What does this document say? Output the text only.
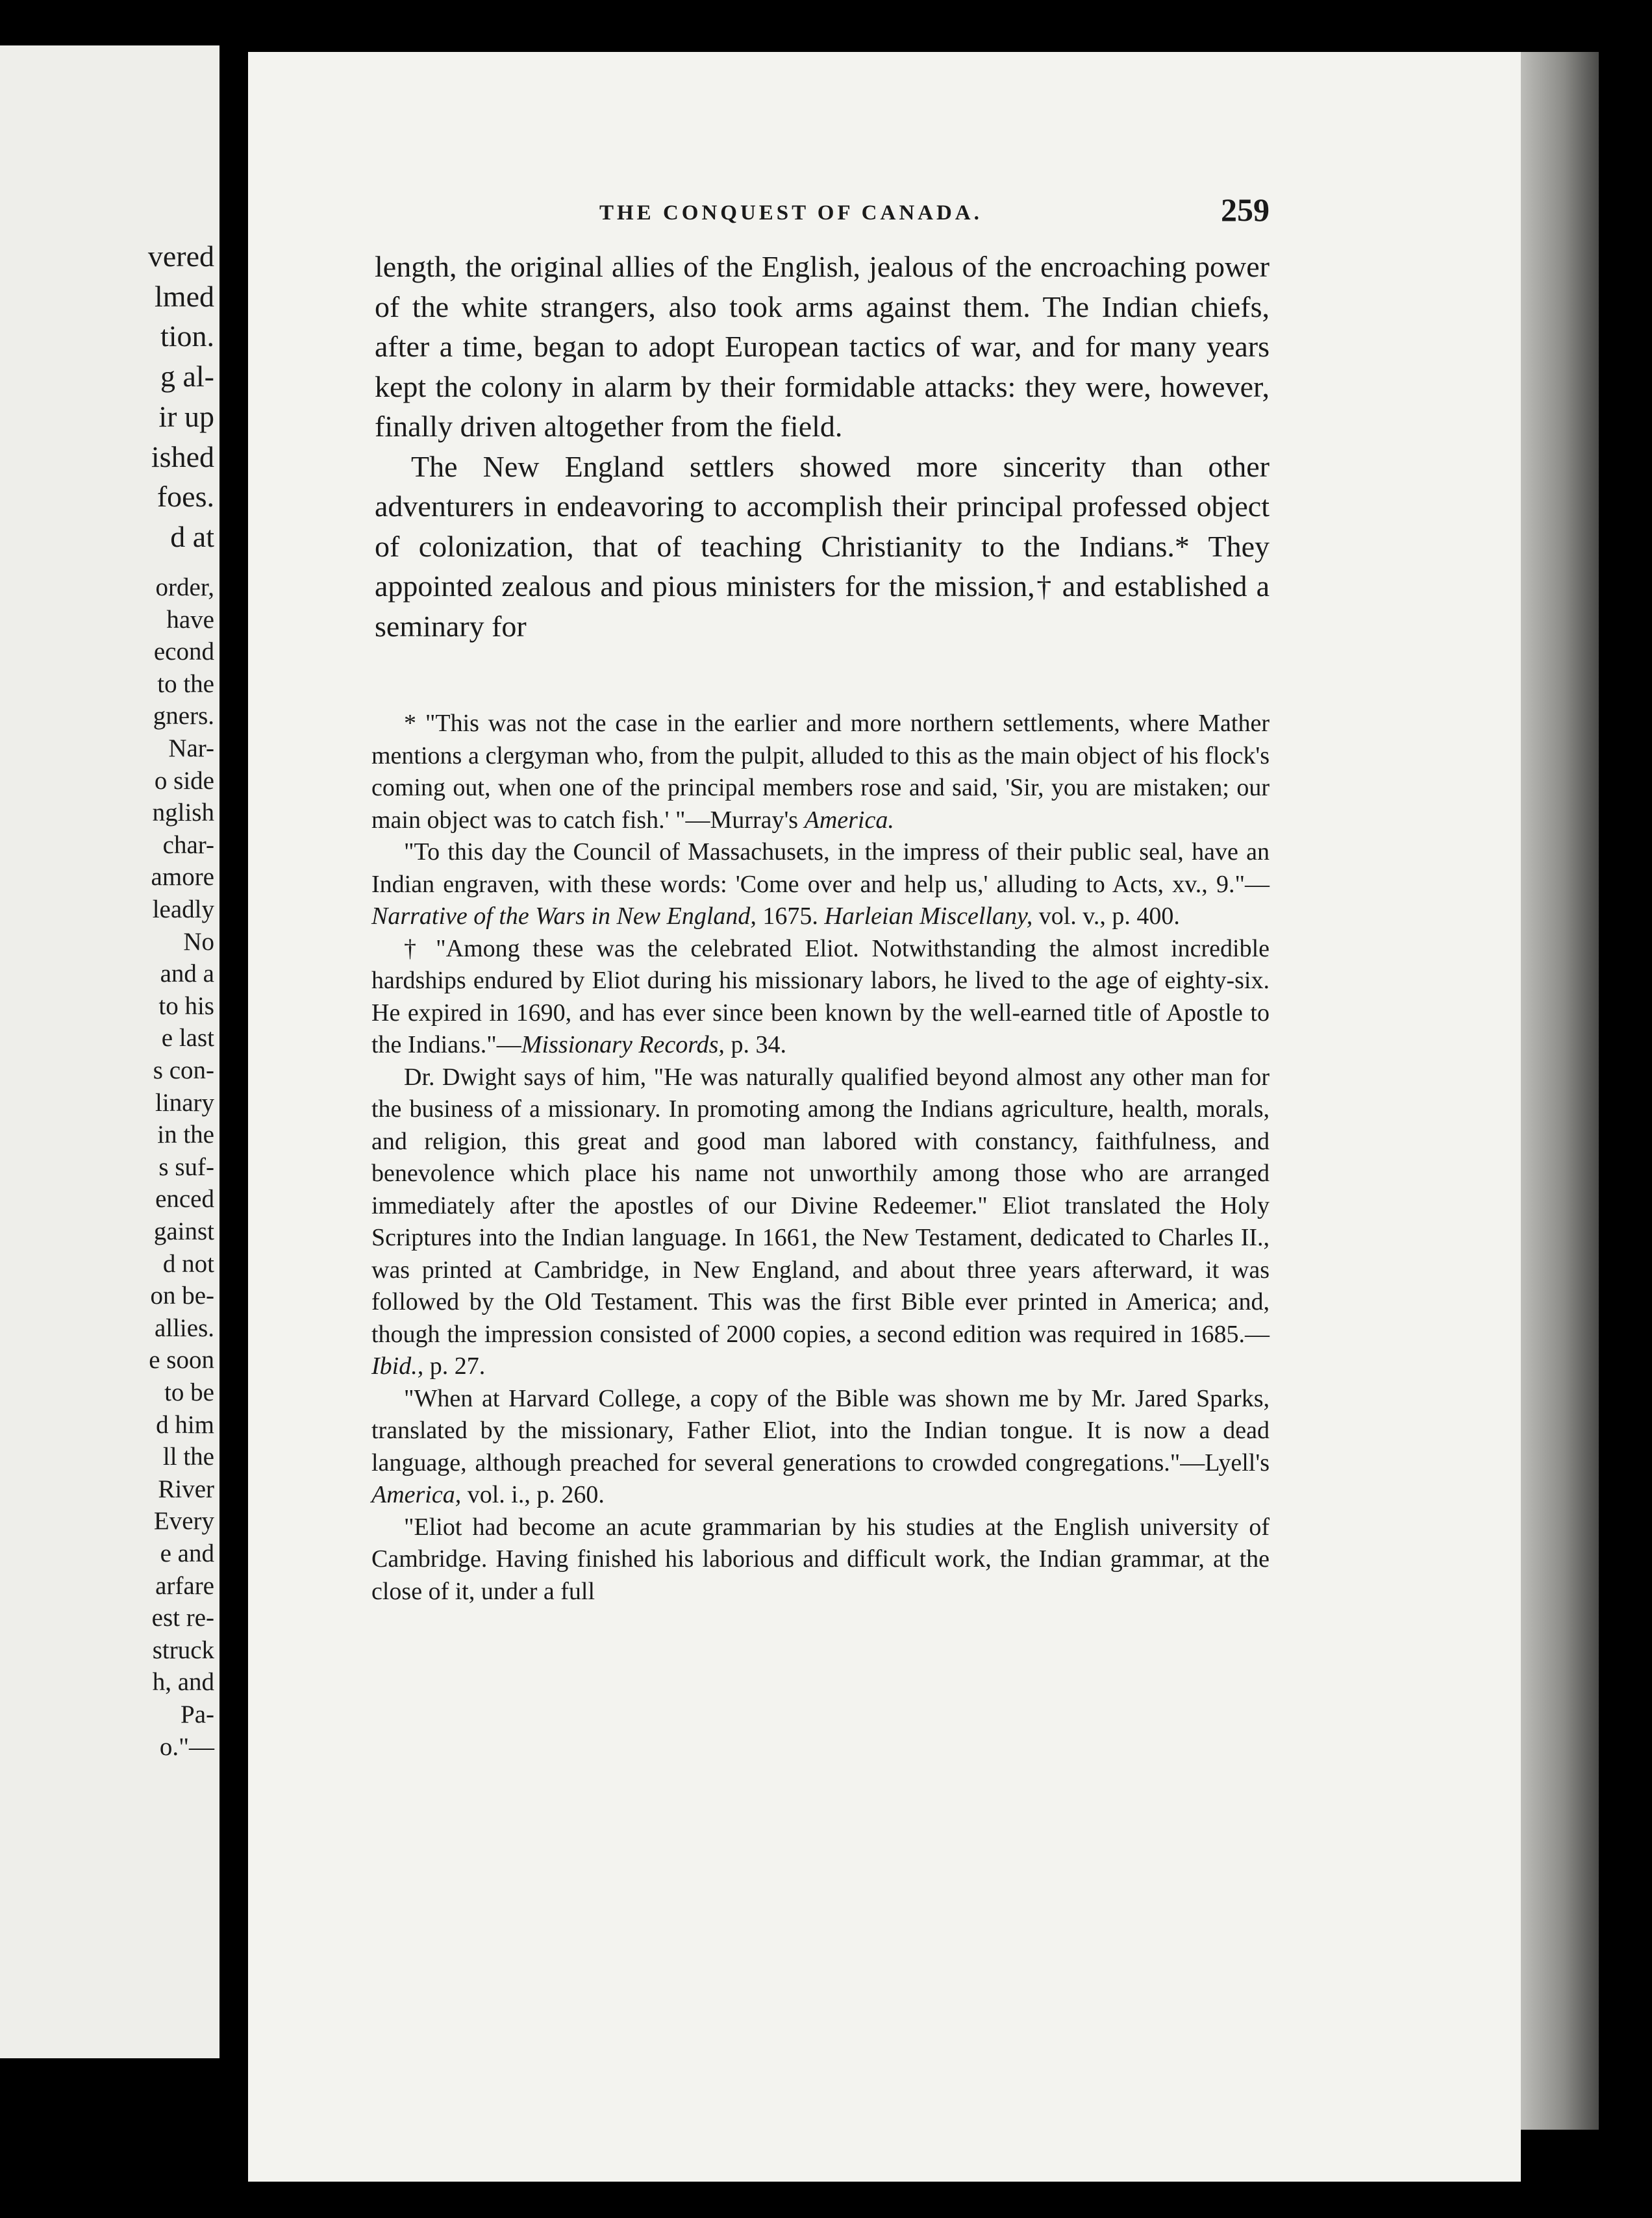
vered
lmed
tion.
g al-
ir up
ished
foes.
d at
order,
have
econd
to the
gners.
Nar-
o side
nglish
char-
amore
leadly
No
and a
to his
e last
s con-
linary
in the
s suf-
enced
gainst
d not
on be-
allies.
e soon
to be
d him
ll the
River
Every
e and
arfare
est re-
struck
h, and
Pa-
o."—
THE CONQUEST OF CANADA.	259

length, the original allies of the English, jealous of the encroaching power of the white strangers, also took arms against them. The Indian chiefs, after a time, began to adopt European tactics of war, and for many years kept the colony in alarm by their formidable attacks: they were, however, finally driven altogether from the field.

The New England settlers showed more sincerity than other adventurers in endeavoring to accomplish their principal professed object of colonization, that of teaching Christianity to the Indians.* They appointed zealous and pious ministers for the mission,† and established a seminary for

* "This was not the case in the earlier and more northern settlements, where Mather mentions a clergyman who, from the pulpit, alluded to this as the main object of his flock's coming out, when one of the principal members rose and said, 'Sir, you are mistaken; our main object was to catch fish.' "—Murray's America.

"To this day the Council of Massachusets, in the impress of their public seal, have an Indian engraven, with these words: 'Come over and help us,' alluding to Acts, xv., 9."—Narrative of the Wars in New England, 1675. Harleian Miscellany, vol. v., p. 400.

† "Among these was the celebrated Eliot. Notwithstanding the almost incredible hardships endured by Eliot during his missionary labors, he lived to the age of eighty-six. He expired in 1690, and has ever since been known by the well-earned title of Apostle to the Indians."—Missionary Records, p. 34.

Dr. Dwight says of him, "He was naturally qualified beyond almost any other man for the business of a missionary. In promoting among the Indians agriculture, health, morals, and religion, this great and good man labored with constancy, faithfulness, and benevolence which place his name not unworthily among those who are arranged immediately after the apostles of our Divine Redeemer." Eliot translated the Holy Scriptures into the Indian language. In 1661, the New Testament, dedicated to Charles II., was printed at Cambridge, in New England, and about three years afterward, it was followed by the Old Testament. This was the first Bible ever printed in America; and, though the impression consisted of 2000 copies, a second edition was required in 1685.—Ibid., p. 27.

"When at Harvard College, a copy of the Bible was shown me by Mr. Jared Sparks, translated by the missionary, Father Eliot, into the Indian tongue. It is now a dead language, although preached for several generations to crowded congregations."—Lyell's America, vol. i., p. 260.

"Eliot had become an acute grammarian by his studies at the English university of Cambridge. Having finished his laborious and difficult work, the Indian grammar, at the close of it, under a full
